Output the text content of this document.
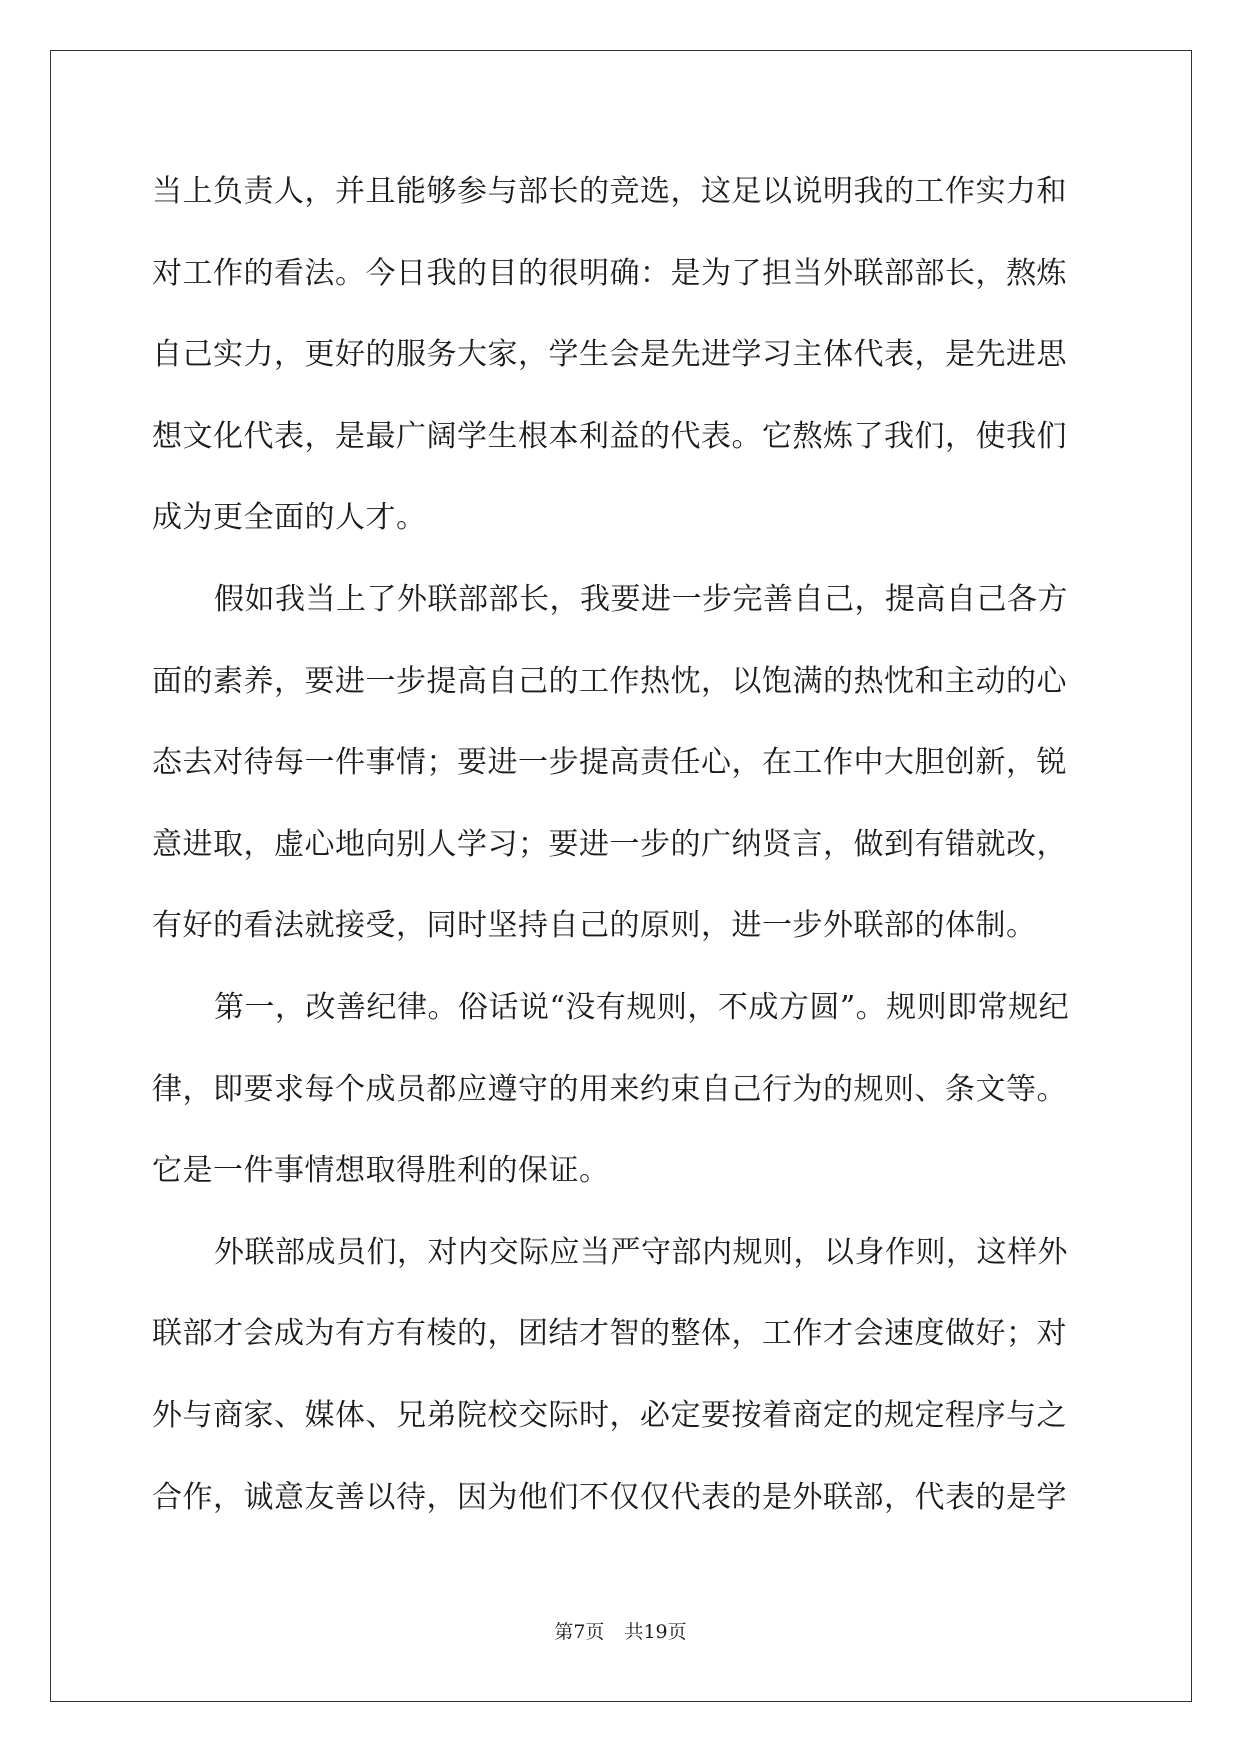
当上负责人，并且能够参与部长的竞选，这足以说明我的工作实力和
对工作的看法。今日我的目的很明确：是为了担当外联部部长，熬炼
自己实力，更好的服务大家，学生会是先进学习主体代表，是先进思
想文化代表，是最广阔学生根本利益的代表。它熬炼了我们，使我们
成为更全面的人才。
假如我当上了外联部部长，我要进一步完善自己，提高自己各方
面的素养，要进一步提高自己的工作热忱，以饱满的热忱和主动的心
态去对待每一件事情；要进一步提高责任心，在工作中大胆创新，锐
意进取，虚心地向别人学习；要进一步的广纳贤言，做到有错就改，
有好的看法就接受，同时坚持自己的原则，进一步外联部的体制。
第一，改善纪律。俗话说“没有规则，不成方圆”。规则即常规纪
律，即要求每个成员都应遵守的用来约束自己行为的规则、条文等。
它是一件事情想取得胜利的保证。
外联部成员们，对内交际应当严守部内规则，以身作则，这样外
联部才会成为有方有棱的，团结才智的整体，工作才会速度做好；对
外与商家、媒体、兄弟院校交际时，必定要按着商定的规定程序与之
合作，诚意友善以待，因为他们不仅仅代表的是外联部，代表的是学
第7页 共19页
